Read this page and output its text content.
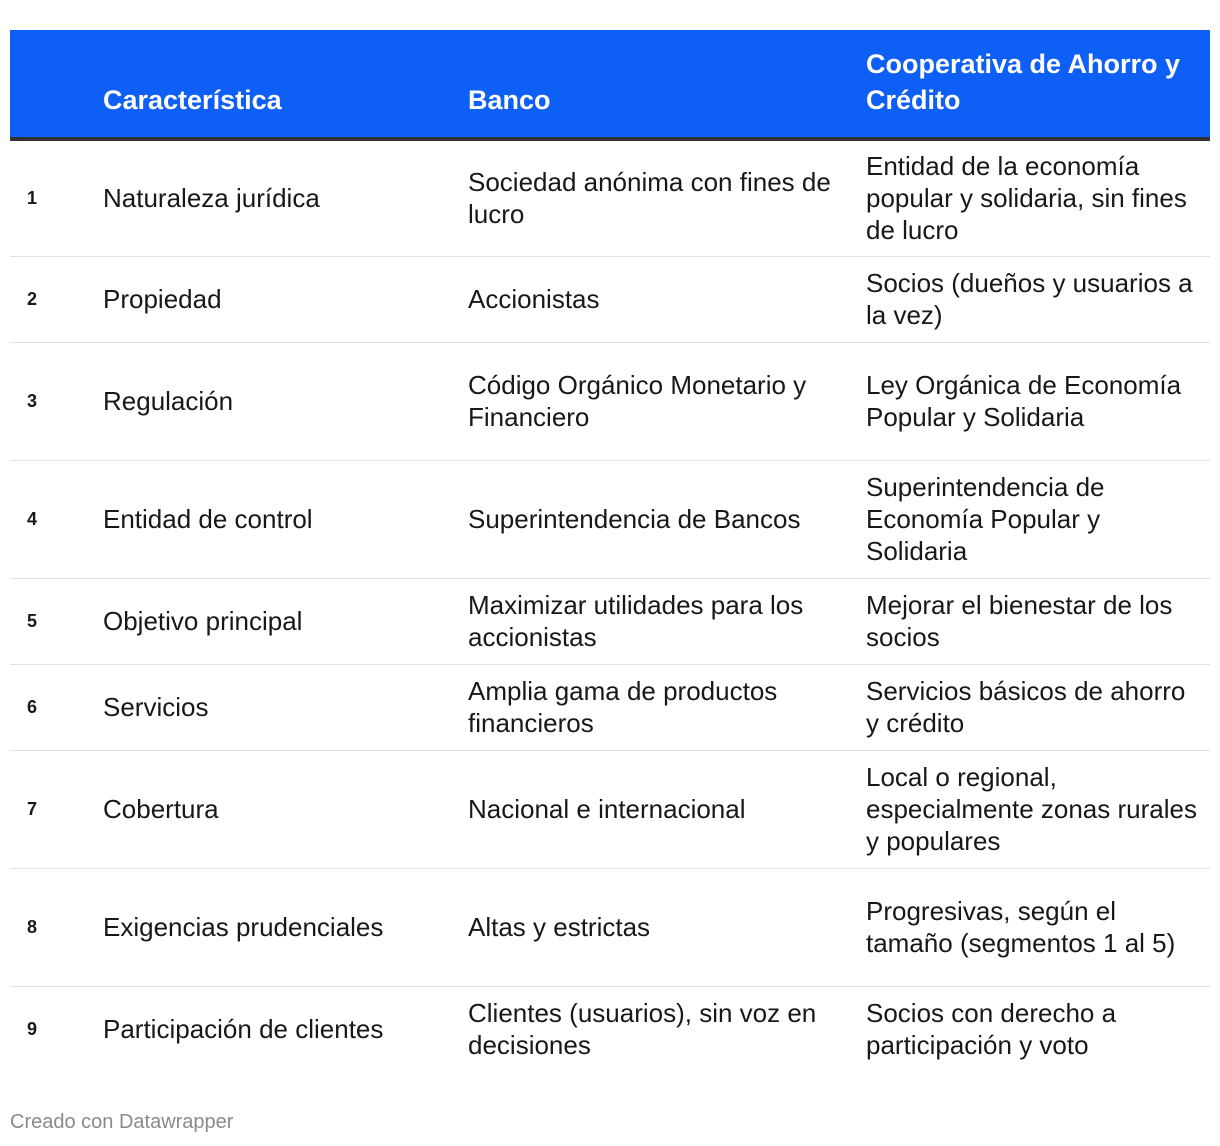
	Característica	Banco	Cooperativa de Ahorro y Crédito
1	Naturaleza jurídica	Sociedad anónima con fines de lucro	Entidad de la economía popular y solidaria, sin fines de lucro
2	Propiedad	Accionistas	Socios (dueños y usuarios a la vez)
3	Regulación	Código Orgánico Monetario y Financiero	Ley Orgánica de Economía Popular y Solidaria
4	Entidad de control	Superintendencia de Bancos	Superintendencia de Economía Popular y Solidaria
5	Objetivo principal	Maximizar utilidades para los accionistas	Mejorar el bienestar de los socios
6	Servicios	Amplia gama de productos financieros	Servicios básicos de ahorro y crédito
7	Cobertura	Nacional e internacional	Local o regional, especialmente zonas rurales y populares
8	Exigencias prudenciales	Altas y estrictas	Progresivas, según el tamaño (segmentos 1 al 5)
9	Participación de clientes	Clientes (usuarios), sin voz en decisiones	Socios con derecho a participación y voto
Creado con Datawrapper
